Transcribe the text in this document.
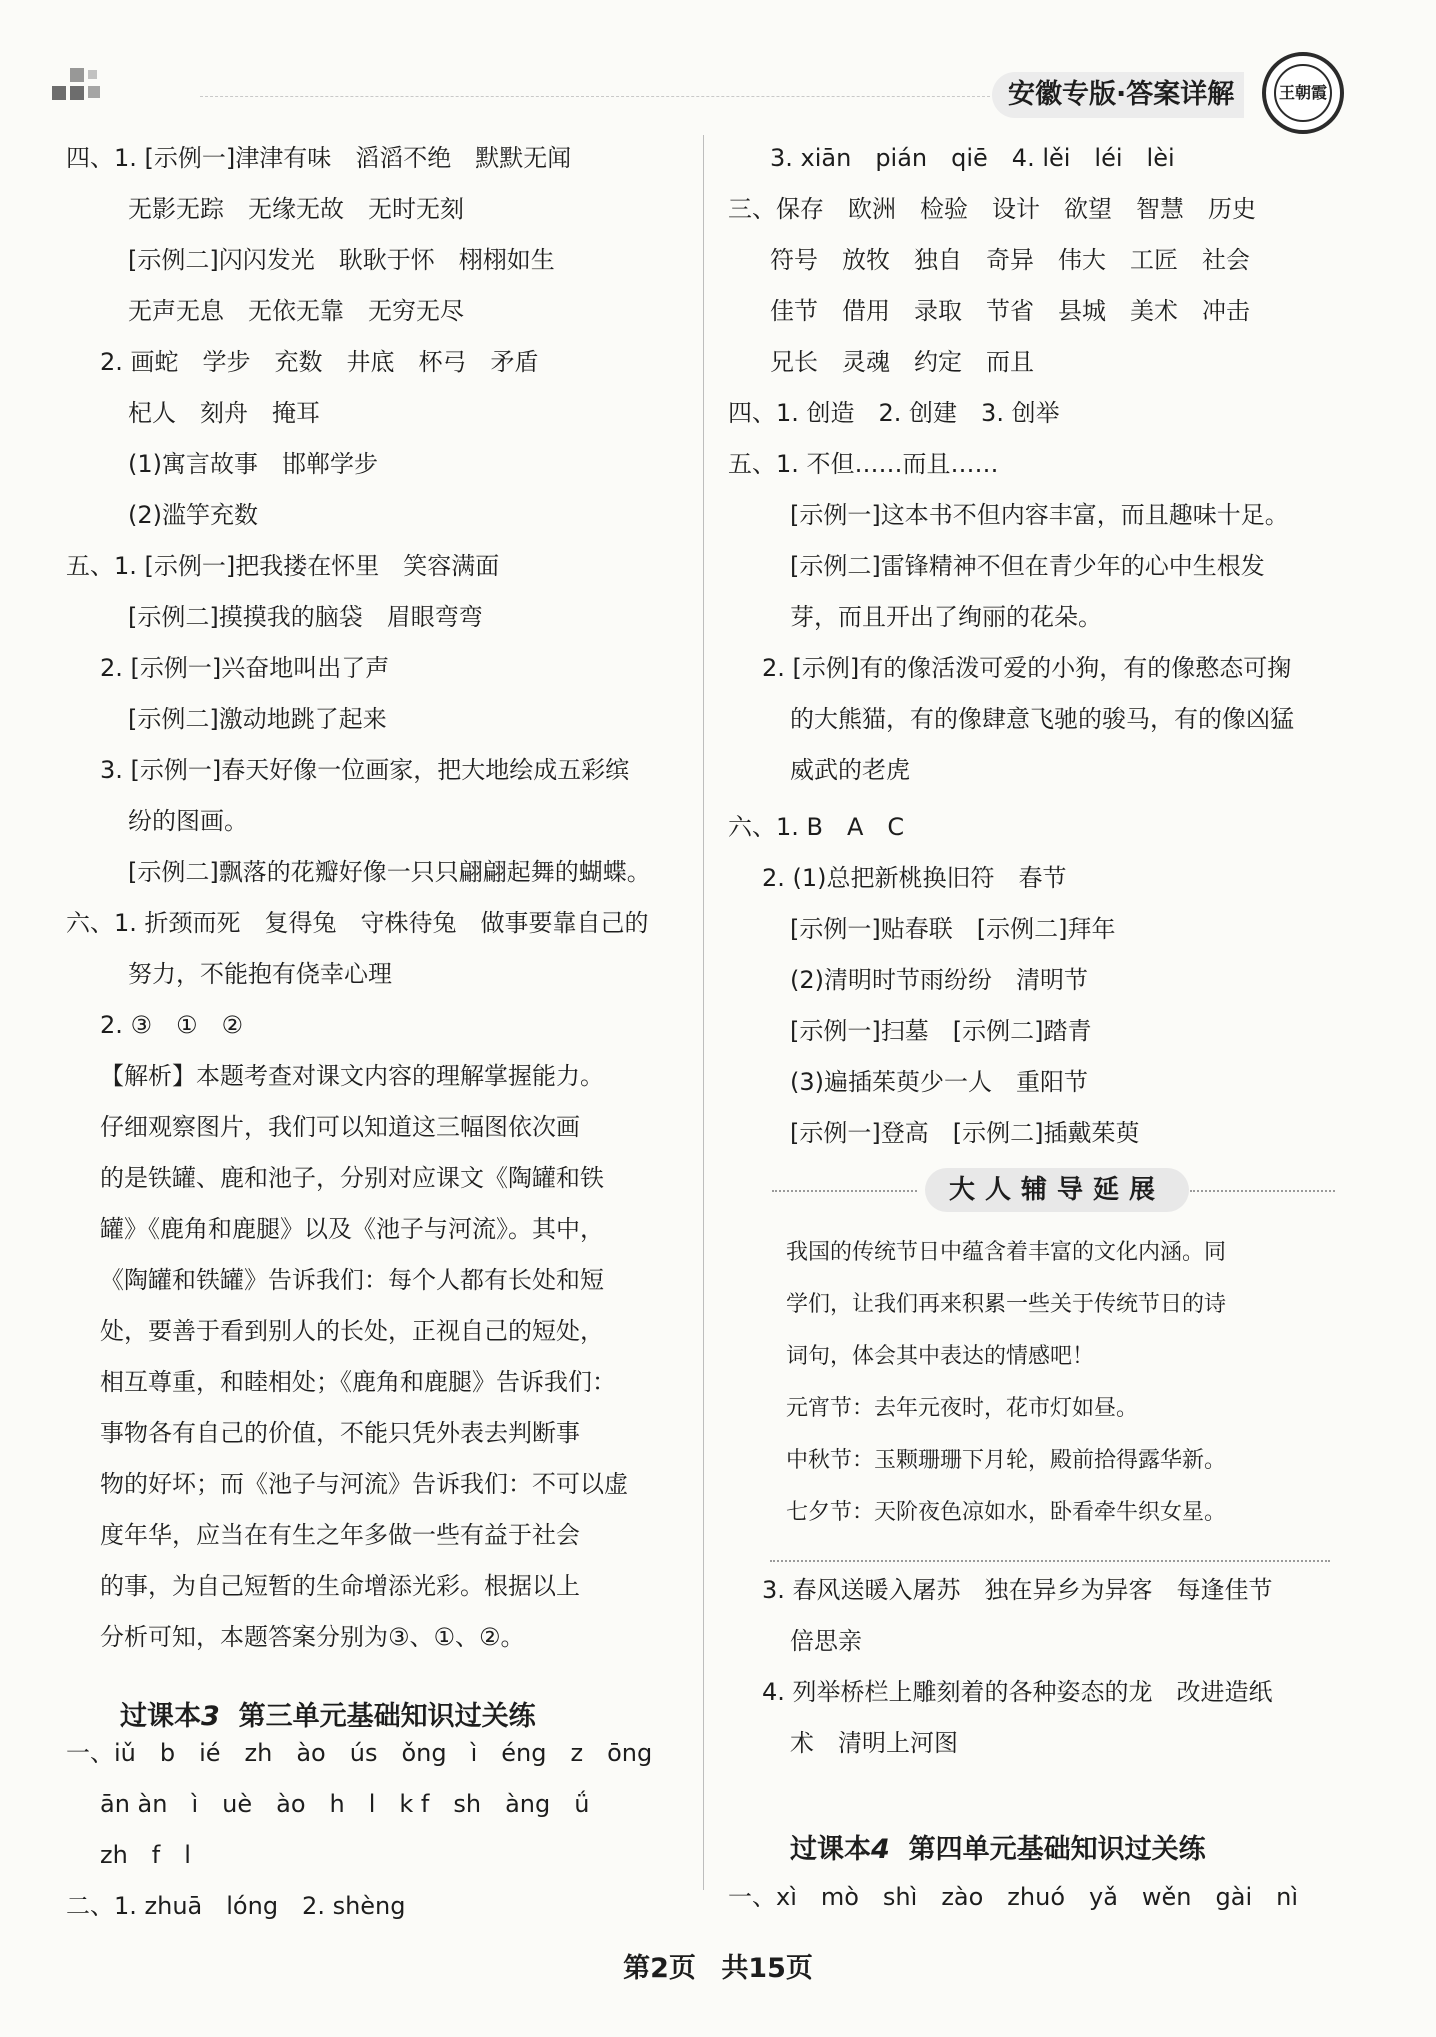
安徽专版·答案详解	王朝霞
四、1. [示例一]津津有味　滔滔不绝　默默无闻
无影无踪　无缘无故　无时无刻
[示例二]闪闪发光　耿耿于怀　栩栩如生
无声无息　无依无靠　无穷无尽
2. 画蛇　学步　充数　井底　杯弓　矛盾
杞人　刻舟　掩耳
(1)寓言故事　邯郸学步
(2)滥竽充数
五、1. [示例一]把我搂在怀里　笑容满面
[示例二]摸摸我的脑袋　眉眼弯弯
2. [示例一]兴奋地叫出了声
[示例二]激动地跳了起来
3. [示例一]春天好像一位画家，把大地绘成五彩缤
纷的图画。
[示例二]飘落的花瓣好像一只只翩翩起舞的蝴蝶。
六、1. 折颈而死　复得兔　守株待兔　做事要靠自己的
努力，不能抱有侥幸心理
2. ③　①　②
【解析】本题考查对课文内容的理解掌握能力。
仔细观察图片，我们可以知道这三幅图依次画
的是铁罐、鹿和池子，分别对应课文《陶罐和铁
罐》《鹿角和鹿腿》以及《池子与河流》。其中，
《陶罐和铁罐》告诉我们：每个人都有长处和短
处，要善于看到别人的长处，正视自己的短处，
相互尊重，和睦相处；《鹿角和鹿腿》告诉我们：
事物各有自己的价值，不能只凭外表去判断事
物的好坏；而《池子与河流》告诉我们：不可以虚
度年华，应当在有生之年多做一些有益于社会
的事，为自己短暂的生命增添光彩。根据以上
分析可知，本题答案分别为③、①、②。
过课本3 第三单元基础知识过关练
一、iǔ　b　ié　zh　ào　ús　ǒng　ì　éng　z　ōng
ān àn　ì　uè　ào　h　l　k f　sh　àng　ǘ
zh　f　l
二、1. zhuā　lóng　2. shèng
3. xiān　pián　qiē　4. lěi　léi　lèi
三、保存　欧洲　检验　设计　欲望　智慧　历史
符号　放牧　独自　奇异　伟大　工匠　社会
佳节　借用　录取　节省　县城　美术　冲击
兄长　灵魂　约定　而且
四、1. 创造　2. 创建　3. 创举
五、1. 不但……而且……
[示例一]这本书不但内容丰富，而且趣味十足。
[示例二]雷锋精神不但在青少年的心中生根发
芽，而且开出了绚丽的花朵。
2. [示例]有的像活泼可爱的小狗，有的像憨态可掬
的大熊猫，有的像肆意飞驰的骏马，有的像凶猛
威武的老虎
六、1. B　A　C
2. (1)总把新桃换旧符　春节
[示例一]贴春联　[示例二]拜年
(2)清明时节雨纷纷　清明节
[示例一]扫墓　[示例二]踏青
(3)遍插茱萸少一人　重阳节
[示例一]登高　[示例二]插戴茱萸
大人辅导延展
我国的传统节日中蕴含着丰富的文化内涵。同
学们，让我们再来积累一些关于传统节日的诗
词句，体会其中表达的情感吧！
元宵节：去年元夜时，花市灯如昼。
中秋节：玉颗珊珊下月轮，殿前拾得露华新。
七夕节：天阶夜色凉如水，卧看牵牛织女星。
3. 春风送暖入屠苏　独在异乡为异客　每逢佳节
倍思亲
4. 列举桥栏上雕刻着的各种姿态的龙　改进造纸
术　清明上河图
过课本4 第四单元基础知识过关练
一、xì　mò　shì　zào　zhuó　yǎ　wěn　gài　nì
第2页 共15页
